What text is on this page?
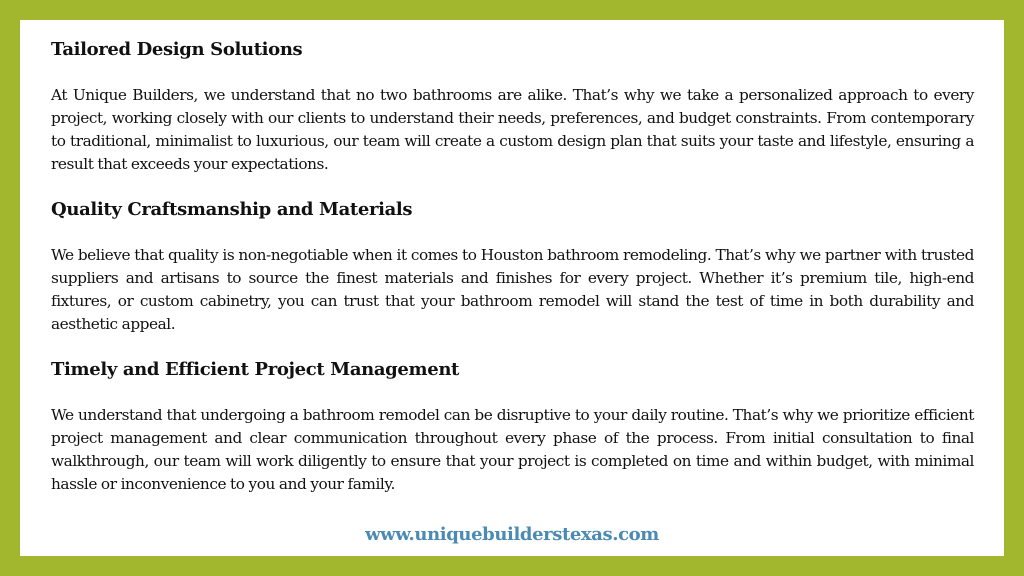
Tailored Design Solutions

At Unique Builders, we understand that no two bathrooms are alike. That’s why we take a personalized approach to every project, working closely with our clients to understand their needs, preferences, and budget constraints. From contemporary to traditional, minimalist to luxurious, our team will create a custom design plan that suits your taste and lifestyle, ensuring a result that exceeds your expectations.

Quality Craftsmanship and Materials

We believe that quality is non-negotiable when it comes to Houston bathroom remodeling. That’s why we partner with trusted suppliers and artisans to source the finest materials and finishes for every project. Whether it’s premium tile, high-end fixtures, or custom cabinetry, you can trust that your bathroom remodel will stand the test of time in both durability and aesthetic appeal.

Timely and Efficient Project Management

We understand that undergoing a bathroom remodel can be disruptive to your daily routine. That’s why we prioritize efficient project management and clear communication throughout every phase of the process. From initial consultation to final walkthrough, our team will work diligently to ensure that your project is completed on time and within budget, with minimal hassle or inconvenience to you and your family.

www.uniquebuilderstexas.com
